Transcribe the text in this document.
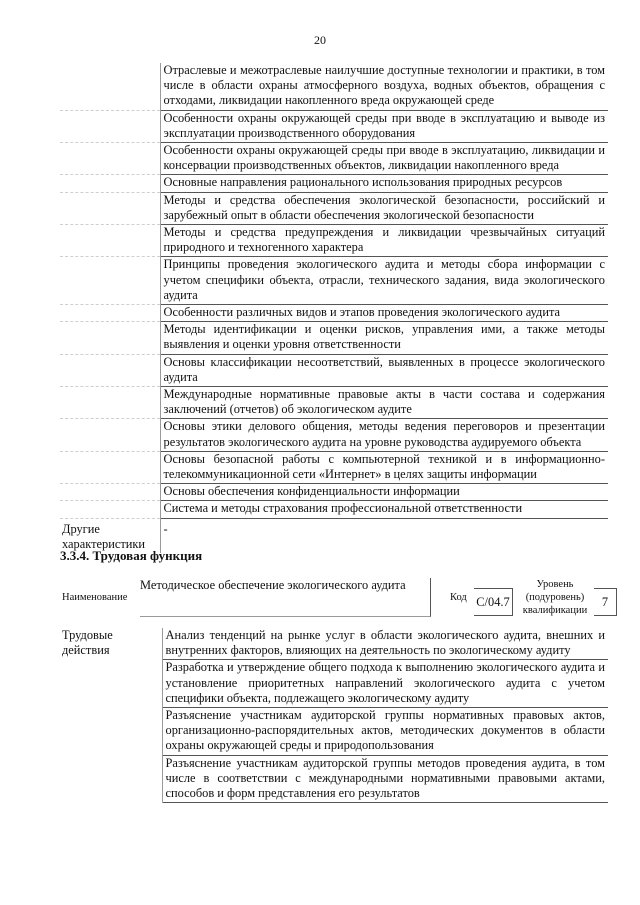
20
	Отраслевые и межотраслевые наилучшие доступные технологии и практики, в том числе в области охраны атмосферного воздуха, водных объектов, обращения с отходами, ликвидации накопленного вреда окружающей среде
	Особенности охраны окружающей среды при вводе в эксплуатацию и выводе из эксплуатации производственного оборудования
	Особенности охраны окружающей среды при вводе в эксплуатацию, ликвидации и консервации производственных объектов, ликвидации накопленного вреда
	Основные направления рационального использования природных ресурсов
	Методы и средства обеспечения экологической безопасности, российский и зарубежный опыт в области обеспечения экологической безопасности
	Методы и средства предупреждения и ликвидации чрезвычайных ситуаций природного и техногенного характера
	Принципы проведения экологического аудита и методы сбора информации с учетом специфики объекта, отрасли, технического задания, вида экологического аудита
	Особенности различных видов и этапов проведения экологического аудита
	Методы идентификации и оценки рисков, управления ими, а также методы выявления и оценки уровня ответственности
	Основы классификации несоответствий, выявленных в процессе экологического аудита
	Международные нормативные правовые акты в части состава и содержания заключений (отчетов) об экологическом аудите
	Основы этики делового общения, методы ведения переговоров и презентации результатов экологического аудита на уровне руководства аудируемого объекта
	Основы безопасной работы с компьютерной техникой и в информационно-телекоммуникационной сети «Интернет» в целях защиты информации
	Основы обеспечения конфиденциальности информации
	Система и методы страхования профессиональной ответственности
Другие характеристики	-
3.3.4. Трудовая функция
Наименование
Методическое обеспечение экологического аудита
Код C/04.7
Уровень (подуровень) квалификации
7
Трудовые действия	Анализ тенденций на рынке услуг в области экологического аудита, внешних и внутренних факторов, влияющих на деятельность по экологическому аудиту
Разработка и утверждение общего подхода к выполнению экологического аудита и установление приоритетных направлений экологического аудита с учетом специфики объекта, подлежащего экологическому аудиту
Разъяснение участникам аудиторской группы нормативных правовых актов, организационно-распорядительных актов, методических документов в области охраны окружающей среды и природопользования
Разъяснение участникам аудиторской группы методов проведения аудита, в том числе в соответствии с международными нормативными правовыми актами, способов и форм представления его результатов
